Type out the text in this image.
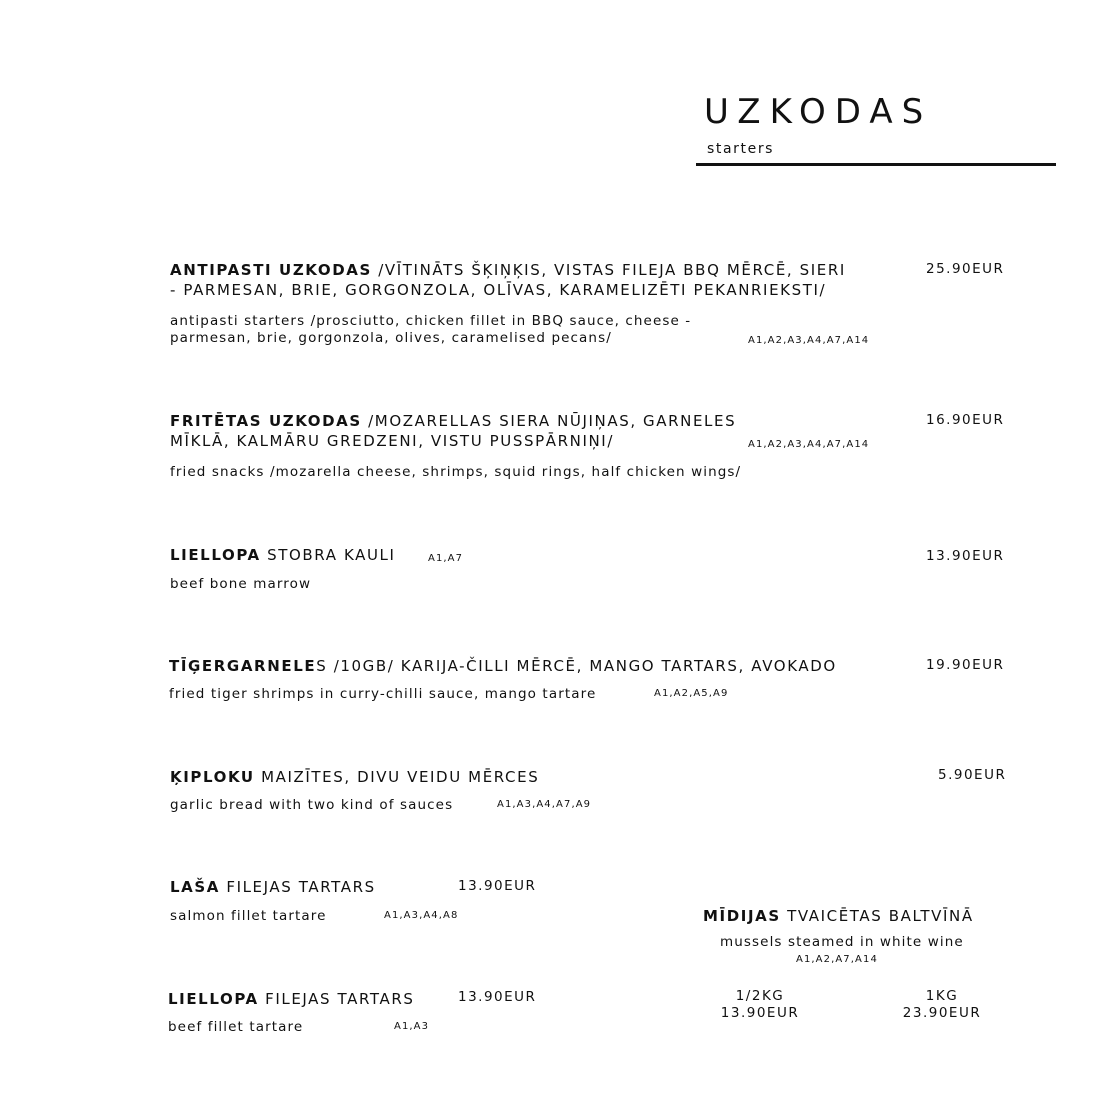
UZKODAS
starters
ANTIPASTI UZKODAS /VĪTINĀTS ŠĶIŅĶIS, VISTAS FILEJA BBQ MĒRCĒ, SIERI
- PARMESAN, BRIE, GORGONZOLA, OLĪVAS, KARAMELIZĒTI PEKANRIEKSTI/
antipasti starters /prosciutto, chicken fillet in BBQ sauce, cheese -
parmesan, brie, gorgonzola, olives, caramelised pecans/	A1,A2,A3,A4,A7,A14
25.90EUR
FRITĒTAS UZKODAS /MOZARELLAS SIERA NŪJIŅAS, GARNELES
MĪKLĀ, KALMĀRU GREDZENI, VISTU PUSSPĀRNIŅI/	A1,A2,A3,A4,A7,A14
fried snacks /mozarella cheese, shrimps, squid rings, half chicken wings/
16.90EUR
LIELLOPA STOBRA KAULI	A1,A7
beef bone marrow
13.90EUR
TĪĢERGARNELES /10GB/ KARIJA-ČILLI MĒRCĒ, MANGO TARTARS, AVOKADO
fried tiger shrimps in curry-chilli sauce, mango tartare	A1,A2,A5,A9
19.90EUR
ĶIPLOKU MAIZĪTES, DIVU VEIDU MĒRCES
garlic bread with two kind of sauces	A1,A3,A4,A7,A9
5.90EUR
LAŠA FILEJAS TARTARS	13.90EUR
salmon fillet tartare	A1,A3,A4,A8
LIELLOPA FILEJAS TARTARS	13.90EUR
beef fillet tartare	A1,A3
MĪDIJAS TVAICĒTAS BALTVĪNĀ
mussels steamed in white wine
A1,A2,A7,A14
1/2KG
13.90EUR
1KG
23.90EUR
